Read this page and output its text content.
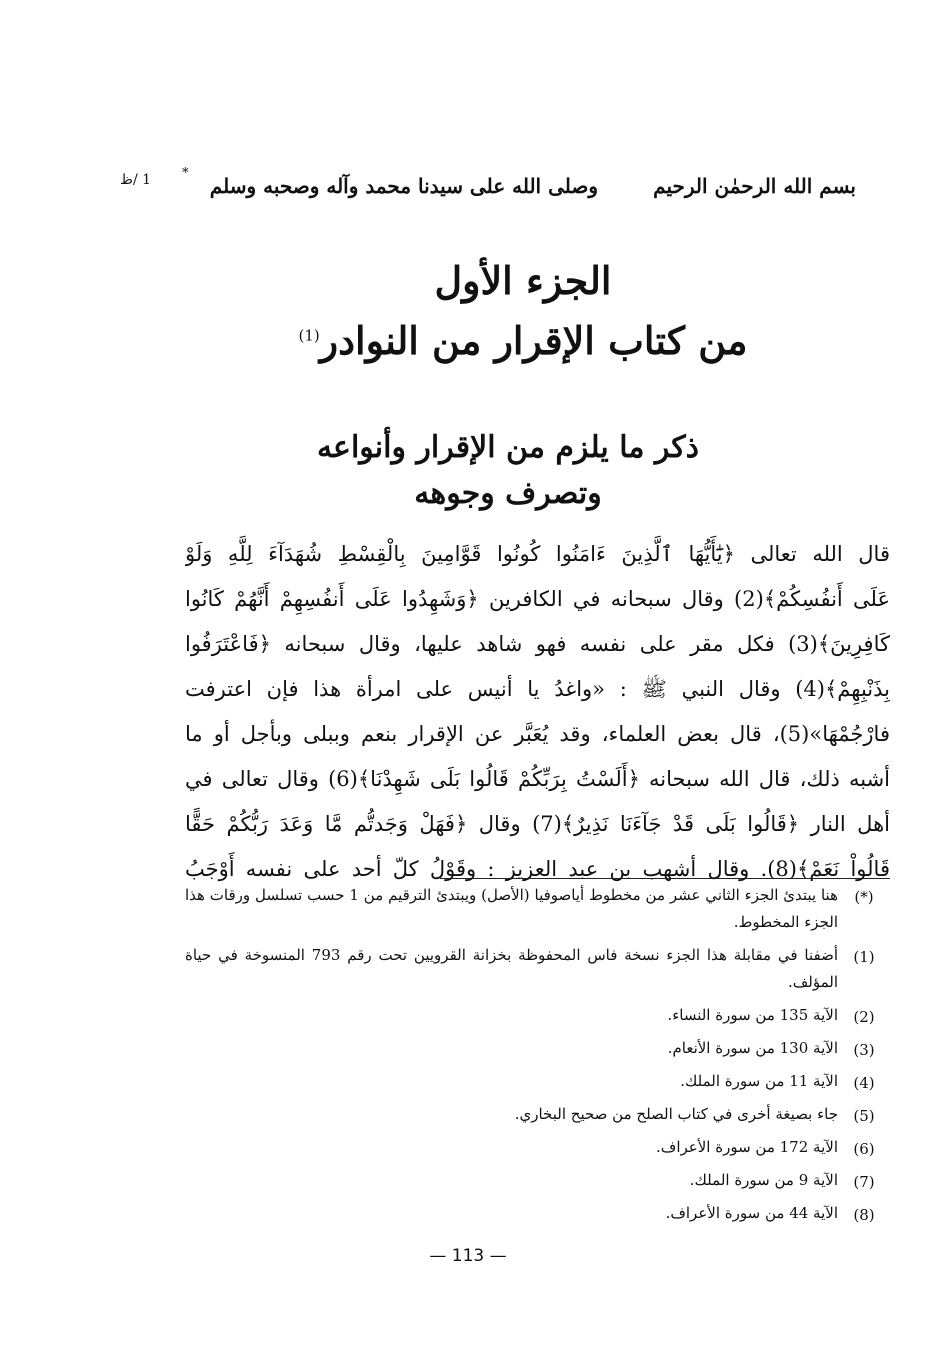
بسم الله الرحمٰن الرحيم
وصلى الله على سيدنا محمد وآله وصحبه وسلم
*
1 /ظ
الجزء الأول
من كتاب الإقرار من النوادر$^{(1)}$
ذكر ما يلزم من الإقرار وأنواعه
وتصرف وجوهه
قال الله تعالى ﴿يَٰٓأَيُّهَا ٱلَّذِينَ ءَامَنُوا كُونُوا قَوَّامِينَ بِالْقِسْطِ شُهَدَآءَ لِلَّهِ وَلَوْ
عَلَى أَنفُسِكُمْ﴾(2) وقال سبحانه في الكافرين ﴿وَشَهِدُوا عَلَى أَنفُسِهِمْ أَنَّهُمْ كَانُوا
كَافِرِينَ﴾(3) فكل مقر على نفسه فهو شاهد عليها، وقال سبحانه ﴿فَاعْتَرَفُوا
بِذَنْبِهِمْ﴾(4) وقال النبي ﷺ : «واغدُ يا أنيس على امرأة هذا فإن اعترفت
فارْجُمْهَا»(5)، قال بعض العلماء، وقد يُعَبَّر عن الإقرار بنعم وببلى وبأجل أو ما
أشبه ذلك، قال الله سبحانه ﴿أَلَسْتُ بِرَبِّكُمْ قَالُوا بَلَى شَهِدْنَا﴾(6) وقال تعالى في
أهل النار ﴿قَالُوا بَلَى قَدْ جَآءَنَا نَذِيرٌ﴾(7) وقال ﴿فَهَلْ وَجَدتُّم مَّا وَعَدَ رَبُّكُمْ حَقًّا
قَالُواْ نَعَمْ﴾(8). وقال أشهب بن عبد العزيز : وقَوْلُ كلّ أحد على نفسه أَوْجَبُ
(*)
هنا يبتدئ الجزء الثاني عشر من مخطوط أياصوفيا (الأصل) ويبتدئ الترقيم من 1 حسب تسلسل ورقات هذا الجزء المخطوط.
(1)
أضفنا في مقابلة هذا الجزء نسخة فاس المحفوظة بخزانة القرويين تحت رقم 793 المنسوخة في حياة المؤلف.
(2)
الآية 135 من سورة النساء.
(3)
الآية 130 من سورة الأنعام.
(4)
الآية 11 من سورة الملك.
(5)
جاء بصيغة أخرى في كتاب الصلح من صحيح البخاري.
(6)
الآية 172 من سورة الأعراف.
(7)
الآية 9 من سورة الملك.
(8)
الآية 44 من سورة الأعراف.
— 113 —
